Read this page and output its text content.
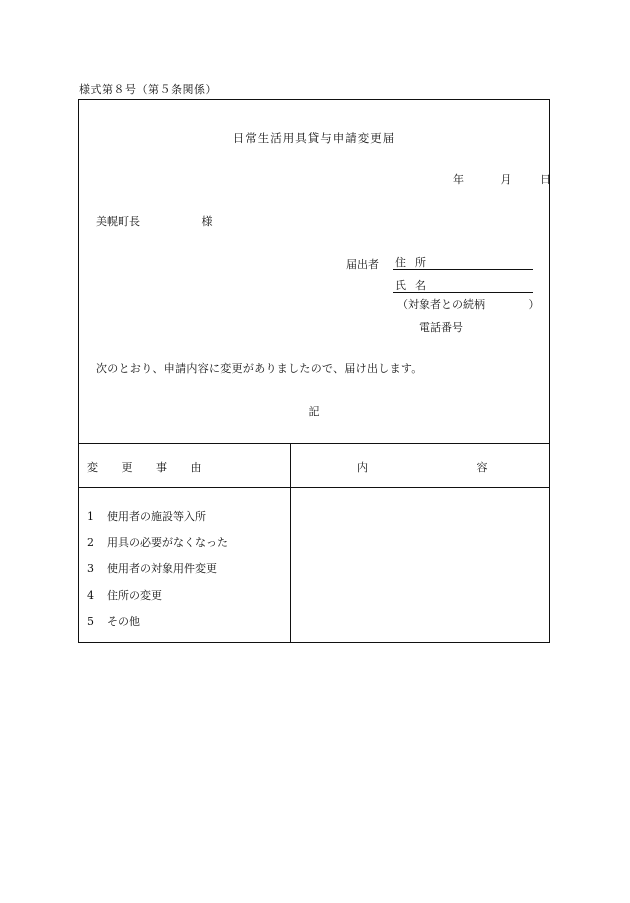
様式第８号（第５条関係）
日常生活用具貸与申請変更届
年	月	日
美幌町長	様
届出者 住所
氏名
（対象者との続柄	）
電話番号
次のとおり、申請内容に変更がありましたので、届け出します。
記
変 更 事 由	内	容
1 使用者の施設等入所
2 用具の必要がなくなった
3 使用者の対象用件変更
4 住所の変更
5 その他
